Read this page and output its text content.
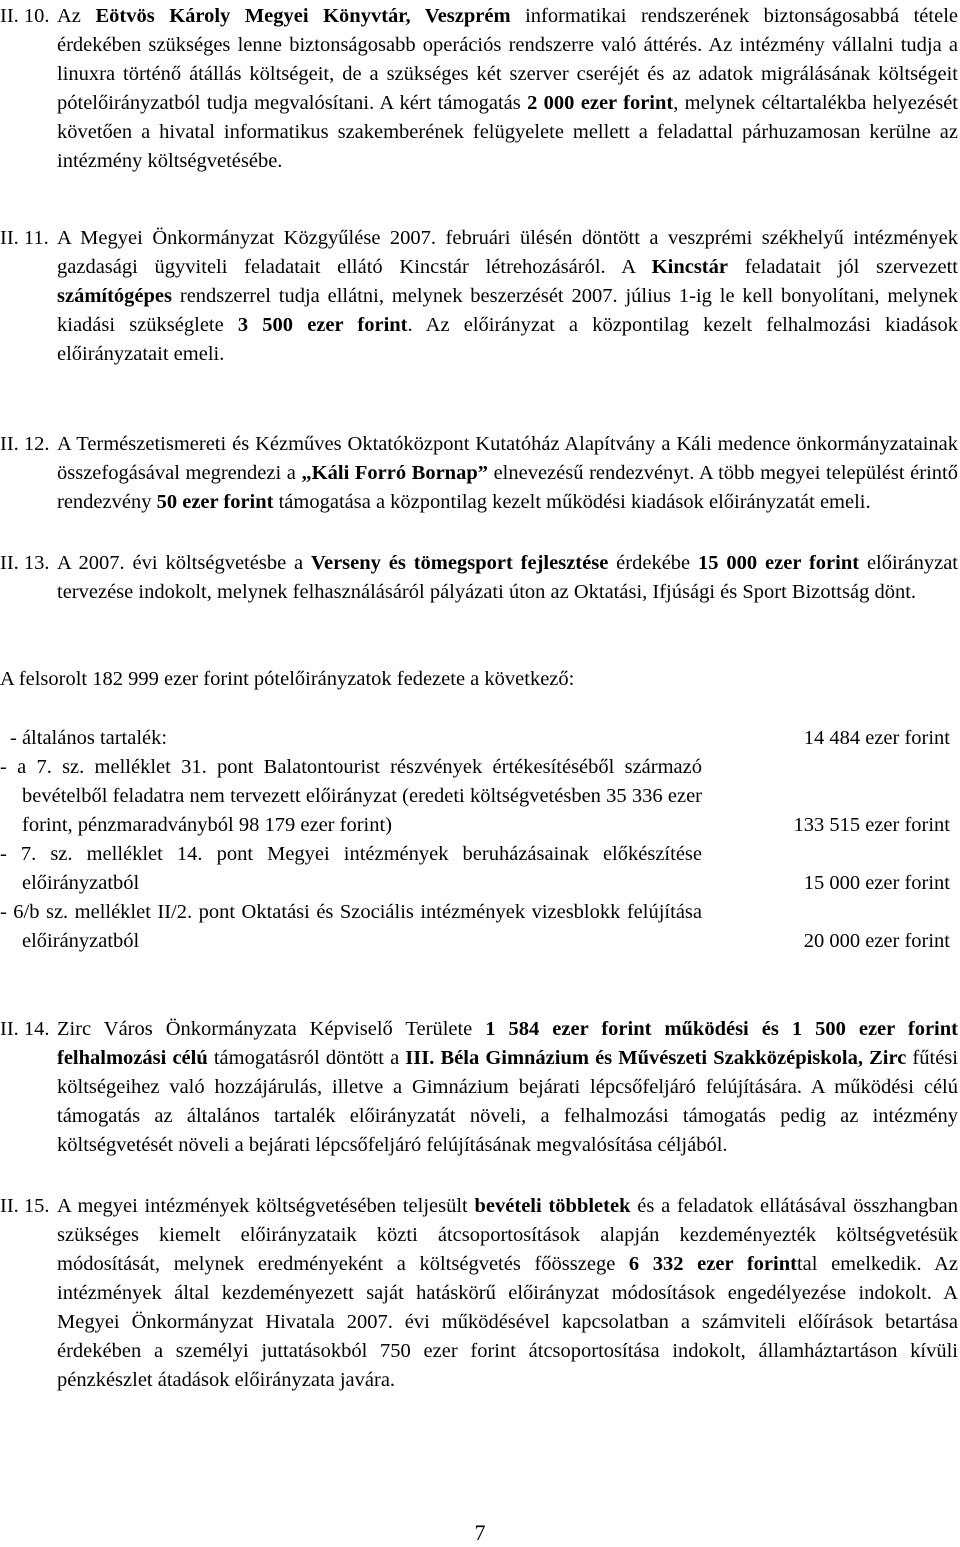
II. 10. Az Eötvös Károly Megyei Könyvtár, Veszprém informatikai rendszerének biztonságosabbá tétele érdekében szükséges lenne biztonságosabb operációs rendszerre való áttérés. Az intézmény vállalni tudja a linuxra történő átállás költségeit, de a szükséges két szerver cseréjét és az adatok migrálásának költségeit pótelőirányzatból tudja megvalósítani. A kért támogatás 2 000 ezer forint, melynek céltartalékba helyezését követően a hivatal informatikus szakemberének felügyelete mellett a feladattal párhuzamosan kerülne az intézmény költségvetésébe.

II. 11. A Megyei Önkormányzat Közgyűlése 2007. februári ülésén döntött a veszprémi székhelyű intézmények gazdasági ügyviteli feladatait ellátó Kincstár létrehozásáról. A Kincstár feladatait jól szervezett számítógépes rendszerrel tudja ellátni, melynek beszerzését 2007. július 1-ig le kell bonyolítani, melynek kiadási szükséglete 3 500 ezer forint. Az előirányzat a központilag kezelt felhalmozási kiadások előirányzatait emeli.

II. 12. A Természetismereti és Kézműves Oktatóközpont Kutatóház Alapítvány a Káli medence önkormányzatainak összefogásával megrendezi a „Káli Forró Bornap” elnevezésű rendezvényt. A több megyei települést érintő rendezvény 50 ezer forint támogatása a központilag kezelt működési kiadások előirányzatát emeli.

II. 13. A 2007. évi költségvetésbe a Verseny és tömegsport fejlesztése érdekébe 15 000 ezer forint előirányzat tervezése indokolt, melynek felhasználásáról pályázati úton az Oktatási, Ifjúsági és Sport Bizottság dönt.

A felsorolt 182 999 ezer forint pótelőirányzatok fedezete a következő:

- általános tartalék:	14 484 ezer forint

- a 7. sz. melléklet 31. pont Balatontourist részvények értékesítéséből származó bevételből feladatra nem tervezett előirányzat (eredeti költségvetésben 35 336 ezer forint, pénzmaradványból 98 179 ezer forint)	133 515 ezer forint

- 7. sz. melléklet 14. pont Megyei intézmények beruházásainak előkészítése előirányzatból	15 000 ezer forint

- 6/b sz. melléklet II/2. pont Oktatási és Szociális intézmények vizesblokk felújítása előirányzatból	20 000 ezer forint
II. 14. Zirc Város Önkormányzata Képviselő Területe 1 584 ezer forint működési és 1 500 ezer forint felhalmozási célú támogatásról döntött a III. Béla Gimnázium és Művészeti Szakközépiskola, Zirc fűtési költségeihez való hozzájárulás, illetve a Gimnázium bejárati lépcsőfeljáró felújítására. A működési célú támogatás az általános tartalék előirányzatát növeli, a felhalmozási támogatás pedig az intézmény költségvetését növeli a bejárati lépcsőfeljáró felújításának megvalósítása céljából.

II. 15. A megyei intézmények költségvetésében teljesült bevételi többletek és a feladatok ellátásával összhangban szükséges kiemelt előirányzataik közti átcsoportosítások alapján kezdeményezték költségvetésük módosítását, melynek eredményeként a költségvetés főösszege 6 332 ezer forinttal emelkedik. Az intézmények által kezdeményezett saját hatáskörű előirányzat módosítások engedélyezése indokolt. A Megyei Önkormányzat Hivatala 2007. évi működésével kapcsolatban a számviteli előírások betartása érdekében a személyi juttatásokból 750 ezer forint átcsoportosítása indokolt, államháztartáson kívüli pénzkészlet átadások előirányzata javára.

7
